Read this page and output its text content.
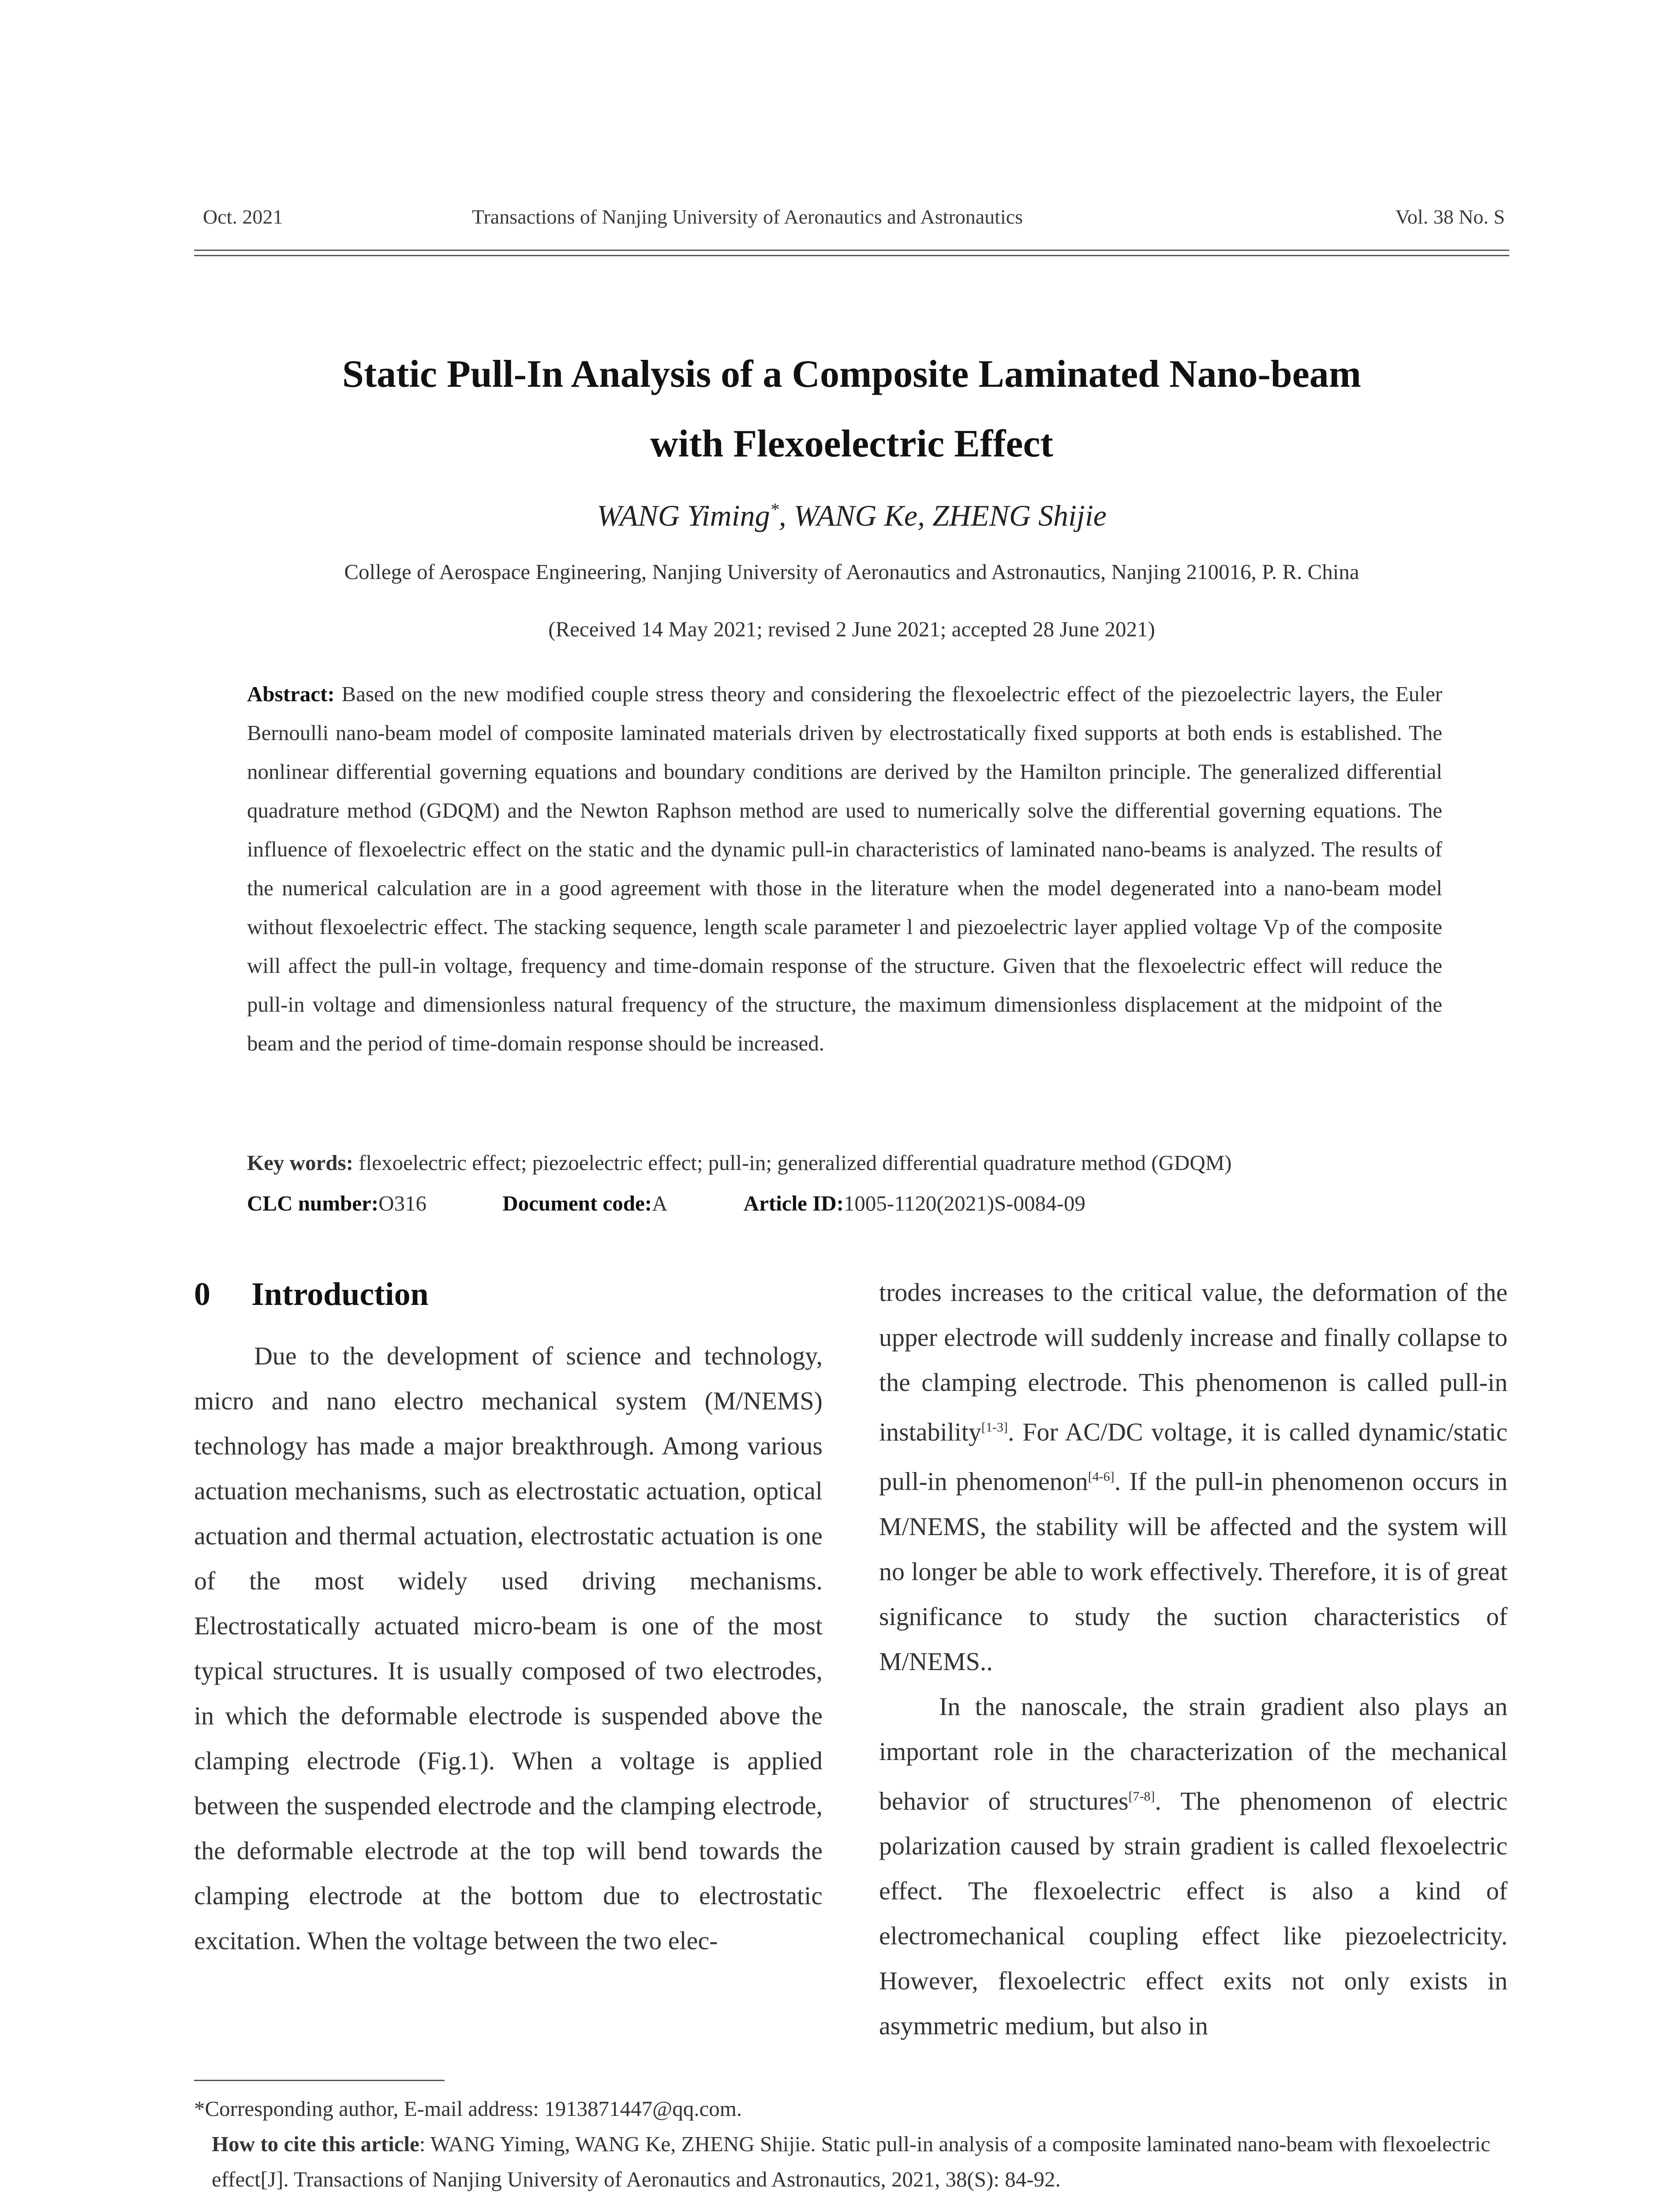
Oct. 2021	Transactions of Nanjing University of Aeronautics and Astronautics	Vol. 38 No. S
Static Pull-In Analysis of a Composite Laminated Nano-beam
with Flexoelectric Effect
WANG Yiming*, WANG Ke, ZHENG Shijie
College of Aerospace Engineering, Nanjing University of Aeronautics and Astronautics, Nanjing 210016, P. R. China
(Received 14 May 2021; revised 2 June 2021; accepted 28 June 2021)
Abstract: Based on the new modified couple stress theory and considering the flexoelectric effect of the piezoelectric layers, the Euler Bernoulli nano-beam model of composite laminated materials driven by electrostatically fixed supports at both ends is established. The nonlinear differential governing equations and boundary conditions are derived by the Hamilton principle. The generalized differential quadrature method (GDQM) and the Newton Raphson method are used to numerically solve the differential governing equations. The influence of flexoelectric effect on the static and the dynamic pull-in characteristics of laminated nano-beams is analyzed. The results of the numerical calculation are in a good agreement with those in the literature when the model degenerated into a nano-beam model without flexoelectric effect. The stacking sequence, length scale parameter l and piezoelectric layer applied voltage Vp of the composite will affect the pull-in voltage, frequency and time-domain response of the structure. Given that the flexoelectric effect will reduce the pull-in voltage and dimensionless natural frequency of the structure, the maximum dimensionless displacement at the midpoint of the beam and the period of time-domain response should be increased.
Key words: flexoelectric effect; piezoelectric effect; pull-in; generalized differential quadrature method (GDQM)
CLC number:O316	Document code:A	Article ID:1005-1120(2021)S-0084-09
0 Introduction

Due to the development of science and technology, micro and nano electro mechanical system (M/NEMS) technology has made a major breakthrough. Among various actuation mechanisms, such as electrostatic actuation, optical actuation and thermal actuation, electrostatic actuation is one of the most widely used driving mechanisms. Electrostatically actuated micro-beam is one of the most typical structures. It is usually composed of two electrodes, in which the deformable electrode is suspended above the clamping electrode (Fig.1). When a voltage is applied between the suspended electrode and the clamping electrode, the deformable electrode at the top will bend towards the clamping electrode at the bottom due to electrostatic excitation. When the voltage between the two elec-

trodes increases to the critical value, the deformation of the upper electrode will suddenly increase and finally collapse to the clamping electrode. This phenomenon is called pull-in instability[1-3]. For AC/DC voltage, it is called dynamic/static pull-in phenomenon[4-6]. If the pull-in phenomenon occurs in M/NEMS, the stability will be affected and the system will no longer be able to work effectively. Therefore, it is of great significance to study the suction characteristics of M/NEMS..

In the nanoscale, the strain gradient also plays an important role in the characterization of the mechanical behavior of structures[7-8]. The phenomenon of electric polarization caused by strain gradient is called flexoelectric effect. The flexoelectric effect is also a kind of electromechanical coupling effect like piezoelectricity. However, flexoelectric effect exits not only exists in asymmetric medium, but also in

*Corresponding author, E-mail address: 1913871447@qq.com.
How to cite this article: WANG Yiming, WANG Ke, ZHENG Shijie. Static pull-in analysis of a composite laminated nano-beam with flexoelectric effect[J]. Transactions of Nanjing University of Aeronautics and Astronautics, 2021, 38(S): 84-92.
